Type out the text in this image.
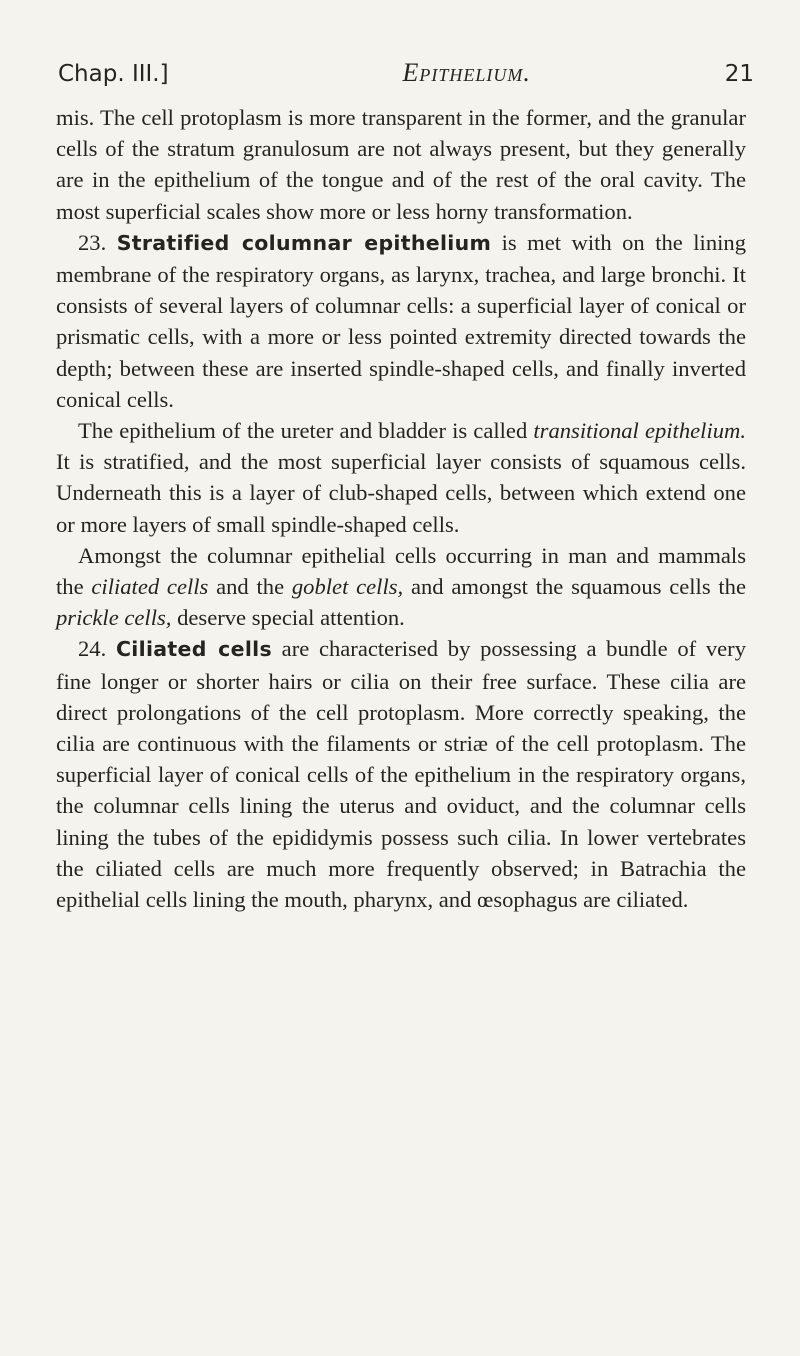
Chap. III.]	Epithelium.	21

mis. The cell protoplasm is more transparent in the former, and the granular cells of the stratum granulosum are not always present, but they generally are in the epithelium of the tongue and of the rest of the oral cavity. The most superficial scales show more or less horny transformation.

23. Stratified columnar epithelium is met with on the lining membrane of the respiratory organs, as larynx, trachea, and large bronchi. It consists of several layers of columnar cells: a superficial layer of conical or prismatic cells, with a more or less pointed extremity directed towards the depth; between these are inserted spindle-shaped cells, and finally inverted conical cells.

The epithelium of the ureter and bladder is called transitional epithelium. It is stratified, and the most superficial layer consists of squamous cells. Underneath this is a layer of club-shaped cells, between which extend one or more layers of small spindle-shaped cells.

Amongst the columnar epithelial cells occurring in man and mammals the ciliated cells and the goblet cells, and amongst the squamous cells the prickle cells, deserve special attention.

24. Ciliated cells are characterised by possessing a bundle of very fine longer or shorter hairs or cilia on their free surface. These cilia are direct prolongations of the cell protoplasm. More correctly speaking, the cilia are continuous with the filaments or striæ of the cell protoplasm. The superficial layer of conical cells of the epithelium in the respiratory organs, the columnar cells lining the uterus and oviduct, and the columnar cells lining the tubes of the epididymis possess such cilia. In lower vertebrates the ciliated cells are much more frequently observed; in Batrachia the epithelial cells lining the mouth, pharynx, and œsophagus are ciliated.
